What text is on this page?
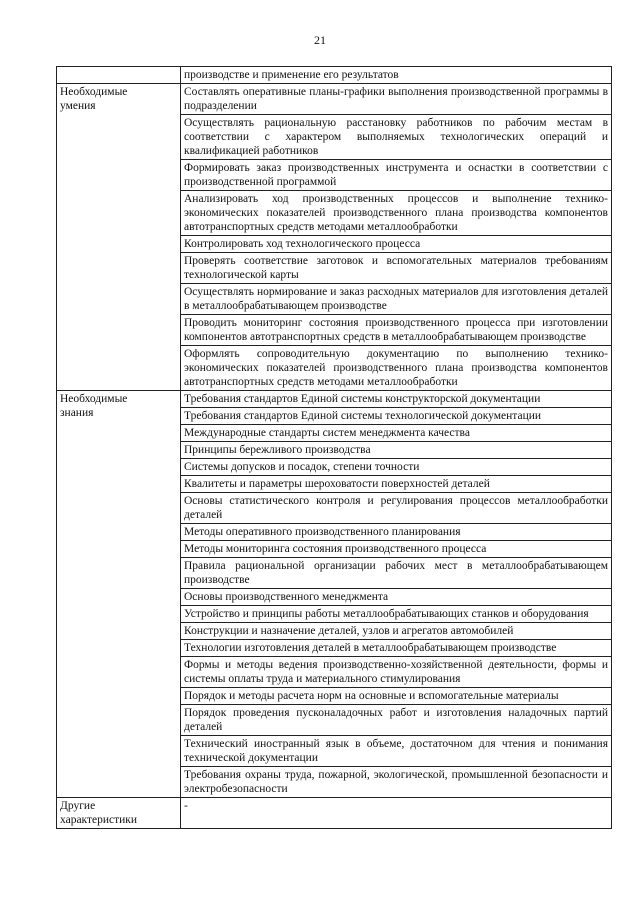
21
	производстве и применение его результатов

Необходимые
умения	Составлять оперативные планы-графики выполнения производственной программы в подразделении
	Осуществлять рациональную расстановку работников по рабочим местам в соответствии с характером выполняемых технологических операций и квалификацией работников
	Формировать заказ производственных инструмента и оснастки в соответствии с производственной программой
	Анализировать ход производственных процессов и выполнение технико-экономических показателей производственного плана производства компонентов автотранспортных средств методами металлообработки
	Контролировать ход технологического процесса
	Проверять соответствие заготовок и вспомогательных материалов требованиям технологической карты
	Осуществлять нормирование и заказ расходных материалов для изготовления деталей в металлообрабатывающем производстве
	Проводить мониторинг состояния производственного процесса при изготовлении компонентов автотранспортных средств в металлообрабатывающем производстве
	Оформлять сопроводительную документацию по выполнению технико-экономических показателей производственного плана производства компонентов автотранспортных средств методами металлообработки

Необходимые
знания	Требования стандартов Единой системы конструкторской документации
	Требования стандартов Единой системы технологической документации
	Международные стандарты систем менеджмента качества
	Принципы бережливого производства
	Системы допусков и посадок, степени точности
	Квалитеты и параметры шероховатости поверхностей деталей
	Основы статистического контроля и регулирования процессов металлообработки деталей
	Методы оперативного производственного планирования
	Методы мониторинга состояния производственного процесса
	Правила рациональной организации рабочих мест в металлообрабатывающем производстве
	Основы производственного менеджмента
	Устройство и принципы работы металлообрабатывающих станков и оборудования
	Конструкции и назначение деталей, узлов и агрегатов автомобилей
	Технологии изготовления деталей в металлообрабатывающем производстве
	Формы и методы ведения производственно-хозяйственной деятельности, формы и системы оплаты труда и материального стимулирования
	Порядок и методы расчета норм на основные и вспомогательные материалы
	Порядок проведения пусконаладочных работ и изготовления наладочных партий деталей
	Технический иностранный язык в объеме, достаточном для чтения и понимания технической документации
	Требования охраны труда, пожарной, экологической, промышленной безопасности и электробезопасности

Другие
характеристики	-
